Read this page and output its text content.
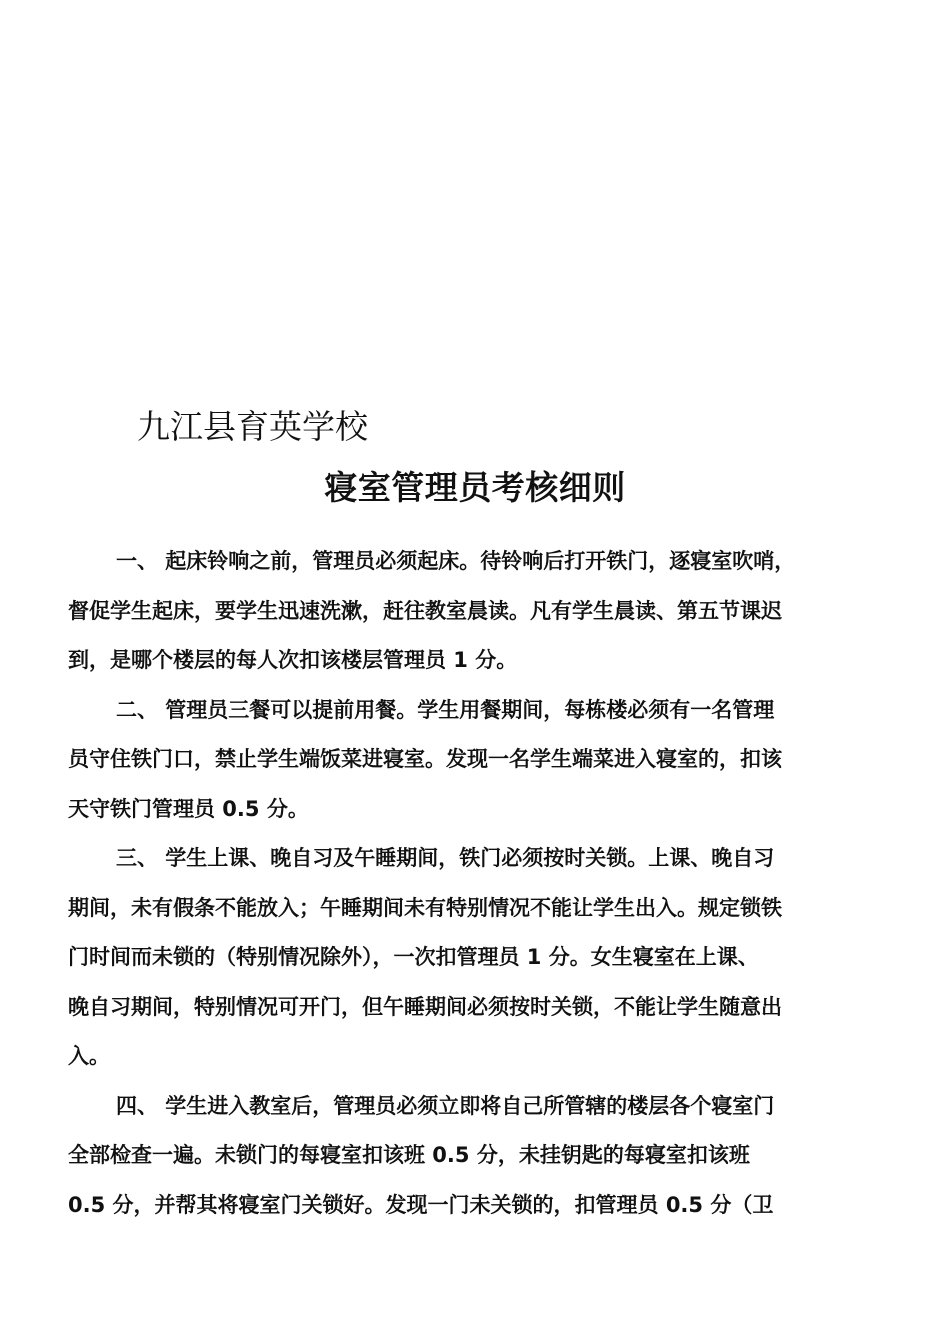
九江县育英学校
寝室管理员考核细则
一、 起床铃响之前，管理员必须起床。待铃响后打开铁门，逐寝室吹哨，
督促学生起床，要学生迅速洗漱，赶往教室晨读。凡有学生晨读、第五节课迟
到，是哪个楼层的每人次扣该楼层管理员 1 分。
二、 管理员三餐可以提前用餐。学生用餐期间，每栋楼必须有一名管理
员守住铁门口，禁止学生端饭菜进寝室。发现一名学生端菜进入寝室的，扣该
天守铁门管理员 0.5 分。
三、 学生上课、晚自习及午睡期间，铁门必须按时关锁。上课、晚自习
期间，未有假条不能放入；午睡期间未有特别情况不能让学生出入。规定锁铁
门时间而未锁的（特别情况除外），一次扣管理员 1 分。女生寝室在上课、
晚自习期间，特别情况可开门，但午睡期间必须按时关锁，不能让学生随意出
入。
四、 学生进入教室后，管理员必须立即将自己所管辖的楼层各个寝室门
全部检查一遍。未锁门的每寝室扣该班 0.5 分，未挂钥匙的每寝室扣该班
0.5 分，并帮其将寝室门关锁好。发现一门未关锁的，扣管理员 0.5 分（卫
